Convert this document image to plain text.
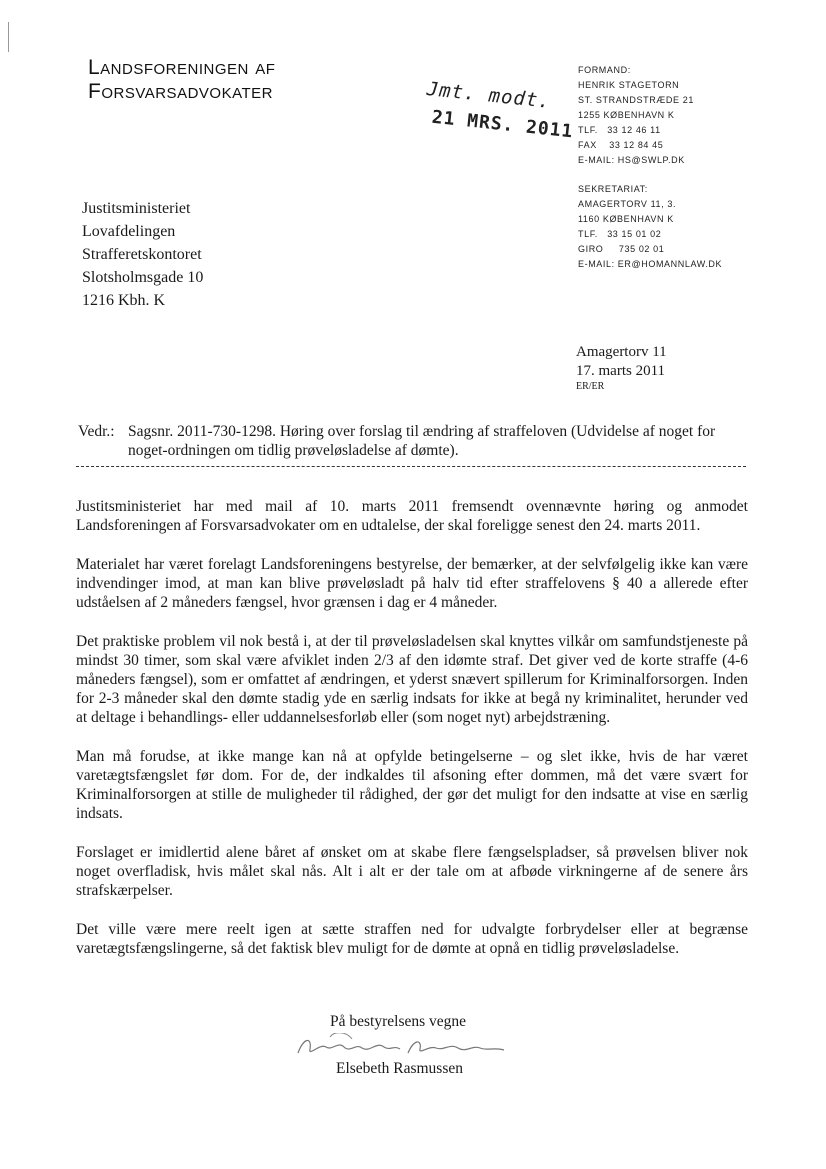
Landsforeningen af
Forsvarsadvokater	Jmt. modt.
21 MRS. 2011
FORMAND:
HENRIK STAGETORN
ST. STRANDSTRÆDE 21
1255 KØBENHAVN K
TLF.   33 12 46 11
FAX    33 12 84 45
E-MAIL: HS@SWLP.DK
SEKRETARIAT:
AMAGERTORV 11, 3.
1160 KØBENHAVN K
TLF.   33 15 01 02
GIRO     735 02 01
E-MAIL: ER@HOMANNLAW.DK
Justitsministeriet
Lovafdelingen
Strafferetskontoret
Slotsholmsgade 10
1216 Kbh. K
Amagertorv 11
17. marts 2011
ER/ER
Vedr.: Sagsnr. 2011-730-1298. Høring over forslag til ændring af straffeloven (Udvidelse af noget for noget-ordningen om tidlig prøveløsladelse af dømte).

Justitsministeriet har med mail af 10. marts 2011 fremsendt ovennævnte høring og anmodet Landsforeningen af Forsvarsadvokater om en udtalelse, der skal foreligge senest den 24. marts 2011.

Materialet har været forelagt Landsforeningens bestyrelse, der bemærker, at der selvfølgelig ikke kan være indvendinger imod, at man kan blive prøveløsladt på halv tid efter straffelovens § 40 a allerede efter udståelsen af 2 måneders fængsel, hvor grænsen i dag er 4 måneder.

Det praktiske problem vil nok bestå i, at der til prøveløsladelsen skal knyttes vilkår om samfundstjeneste på mindst 30 timer, som skal være afviklet inden 2/3 af den idømte straf. Det giver ved de korte straffe (4-6 måneders fængsel), som er omfattet af ændringen, et yderst snævert spillerum for Kriminalforsorgen. Inden for 2-3 måneder skal den dømte stadig yde en særlig indsats for ikke at begå ny kriminalitet, herunder ved at deltage i behandlings- eller uddannelsesforløb eller (som noget nyt) arbejdstræning.

Man må forudse, at ikke mange kan nå at opfylde betingelserne – og slet ikke, hvis de har været varetægtsfængslet før dom. For de, der indkaldes til afsoning efter dommen, må det være svært for Kriminalforsorgen at stille de muligheder til rådighed, der gør det muligt for den indsatte at vise en særlig indsats.

Forslaget er imidlertid alene båret af ønsket om at skabe flere fængselspladser, så prøvelsen bliver nok noget overfladisk, hvis målet skal nås. Alt i alt er der tale om at afbøde virkningerne af de senere års strafskærpelser.

Det ville være mere reelt igen at sætte straffen ned for udvalgte forbrydelser eller at begrænse varetægtsfængslingerne, så det faktisk blev muligt for de dømte at opnå en tidlig prøveløsladelse.

På bestyrelsens vegne
Elsebeth Rasmussen
